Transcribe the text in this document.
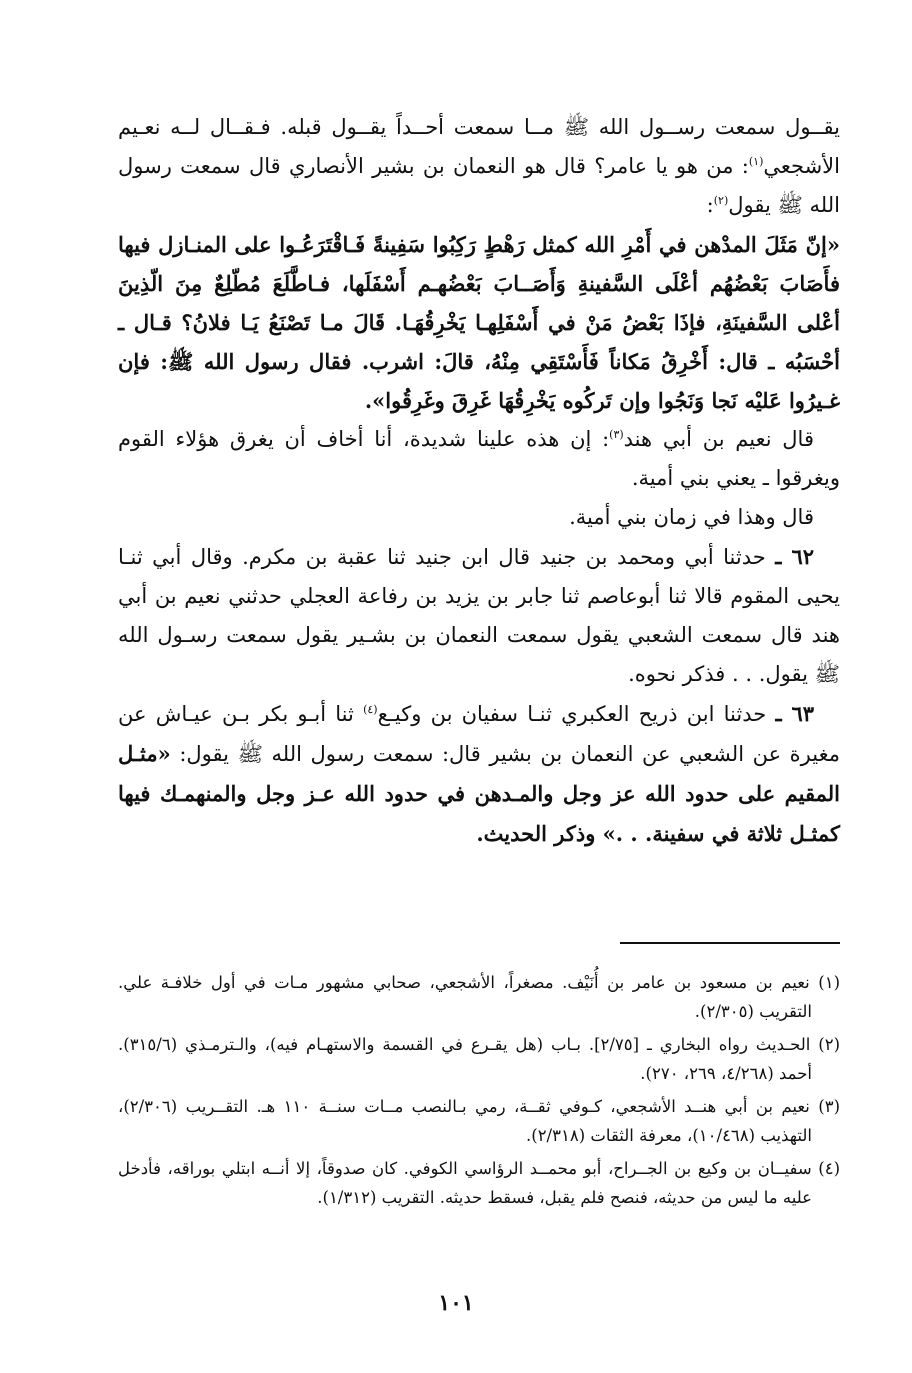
يقــول سمعت رســول الله ﷺ مــا سمعت أحــداً يقــول قبله. فـقــال لــه نعـيم الأشجعي$^{(١)}$: من هو يا عامر؟ قال هو النعمان بن بشير الأنصاري قال سمعت رسول الله ﷺ يقول$^{(٢)}$:

«إنّ مَثَلَ المدْهن في أَمْرِ الله كمثل رَهْطٍ رَكِبُوا سَفِينةً فَـاقْتَرَعُـوا على المنـازل فيها فأَصَابَ بَعْضُهُم أعْلَى السَّفينةِ وَأَصَــابَ بَعْضُهـم أَسْفَلَها، فـاطَّلَعَ مُطّلِعٌ مِنَ الّذِينَ أعْلى السَّفينَةِ، فإذَا بَعْضُ مَنْ في أَسْفَلِهـا يَخْرِقُهَـا. قَالَ مـا تَصْنَعُ يَـا فلانُ؟ قـال ـ أحْسَبُه ـ قال: أَخْرِقُ مَكاناً فَأَسْتَقِي مِنْهُ، قالَ: اشرب. فقال رسول الله ﷺ: فإن غـيرُوا عَليْه نَجا وَنَجُوا وإن تَركُوه يَخْرِقُهَا غَرِقَ وغَرِقُوا».

قال نعيم بن أبي هند$^{(٣)}$: إن هذه علينا شديدة، أنا أخاف أن يغرق هؤلاء القوم ويغرقوا ـ يعني بني أمية.

قال وهذا في زمان بني أمية.

٦٢ ـ حدثنا أبي ومحمد بن جنيد قال ابن جنيد ثنا عقبة بن مكرم. وقال أبي ثنـا يحيى المقوم قالا ثنا أبوعاصم ثنا جابر بن يزيد بن رفاعة العجلي حدثني نعيم بن أبي هند قال سمعت الشعبي يقول سمعت النعمان بن بشـير يقول سمعت رسـول الله ﷺ يقول. . . فذكر نحوه.

٦٣ ـ حدثنا ابن ذريح العكبري ثنـا سفيان بن وكيـع$^{(٤)}$ ثنا أبـو بكر بـن عيـاش عن مغيرة عن الشعبي عن النعمان بن بشير قال: سمعت رسول الله ﷺ يقول: «مثـل المقيم على حدود الله عز وجل والمـدهن في حدود الله عـز وجل والمنهمـك فيها كمثـل ثلاثة في سفينة. . .» وذكر الحديث.

(١) نعيم بن مسعود بن عامر بن أُنَيْف. مصغراً، الأشجعي، صحابي مشهور مـات في أول خلافـة علي. التقريب (٢/٣٠٥).

(٢) الحـديث رواه البخاري ـ [٢/٧٥]. بـاب (هل يقـرع في القسمة والاستهـام فيه)، والـترمـذي (٣١٥/٦). أحمد (٤/٢٦٨، ٢٦٩، ٢٧٠).

(٣) نعيم بن أبي هنــد الأشجعي، كـوفي ثقــة، رمي بـالنصب مــات سنــة ١١٠ هـ. التقــريب (٢/٣٠٦)، التهذيب (١٠/٤٦٨)، معرفة الثقات (٢/٣١٨).

(٤) سفيــان بن وكيع بن الجــراح، أبو محمــد الرؤاسي الكوفي. كان صدوقاً، إلا أنــه ابتلي بوراقه، فأدخل عليه ما ليس من حديثه، فنصح فلم يقبل، فسقط حديثه. التقريب (١/٣١٢).

١٠١
